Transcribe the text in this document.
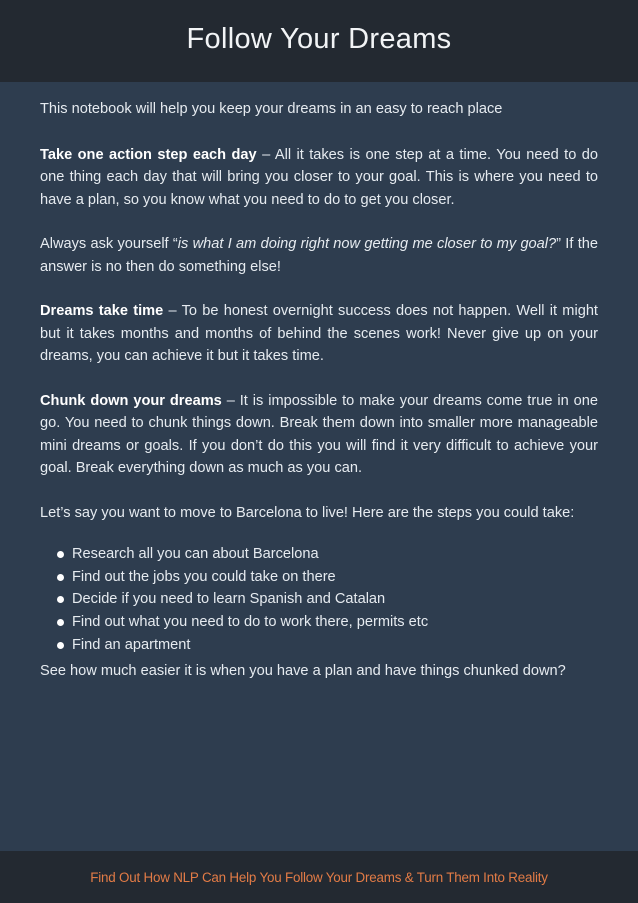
Follow Your Dreams

This notebook will help you keep your dreams in an easy to reach place

Take one action step each day – All it takes is one step at a time. You need to do one thing each day that will bring you closer to your goal. This is where you need to have a plan, so you know what you need to do to get you closer.

Always ask yourself “is what I am doing right now getting me closer to my goal?” If the answer is no then do something else!

Dreams take time – To be honest overnight success does not happen. Well it might but it takes months and months of behind the scenes work! Never give up on your dreams, you can achieve it but it takes time.

Chunk down your dreams – It is impossible to make your dreams come true in one go. You need to chunk things down. Break them down into smaller more manageable mini dreams or goals. If you don’t do this you will find it very difficult to achieve your goal. Break everything down as much as you can.

Let’s say you want to move to Barcelona to live! Here are the steps you could take:

Research all you can about Barcelona
Find out the jobs you could take on there
Decide if you need to learn Spanish and Catalan
Find out what you need to do to work there, permits etc
Find an apartment

See how much easier it is when you have a plan and have things chunked down?

Find Out How NLP Can Help You Follow Your Dreams & Turn Them Into Reality
